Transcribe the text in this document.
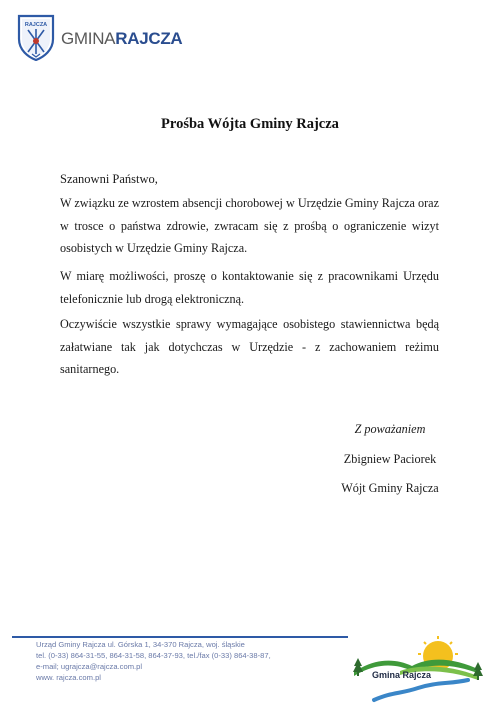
RAJCZA
GMINARAJCZA
Prośba Wójta Gminy Rajcza
Szanowni Państwo,
W związku ze wzrostem absencji chorobowej w Urzędzie Gminy Rajcza oraz w trosce o państwa zdrowie, zwracam się z prośbą o ograniczenie wizyt osobistych w Urzędzie Gminy Rajcza.
W miarę możliwości, proszę o kontaktowanie się z pracownikami Urzędu telefonicznie lub drogą elektroniczną.
Oczywiście wszystkie sprawy wymagające osobistego stawiennictwa będą załatwiane tak jak dotychczas w Urzędzie - z zachowaniem reżimu sanitarnego.
Z poważaniem
Zbigniew Paciorek
Wójt Gminy Rajcza
Urząd Gminy Rajcza ul. Górska 1, 34-370 Rajcza, woj. śląskie
tel. (0-33) 864-31-55, 864-31-58, 864-37-93, tel./fax (0-33) 864-38-87,
e-mail; ugrajcza@rajcza.com.pl
www. rajcza.com.pl	Gmina Rajcza
